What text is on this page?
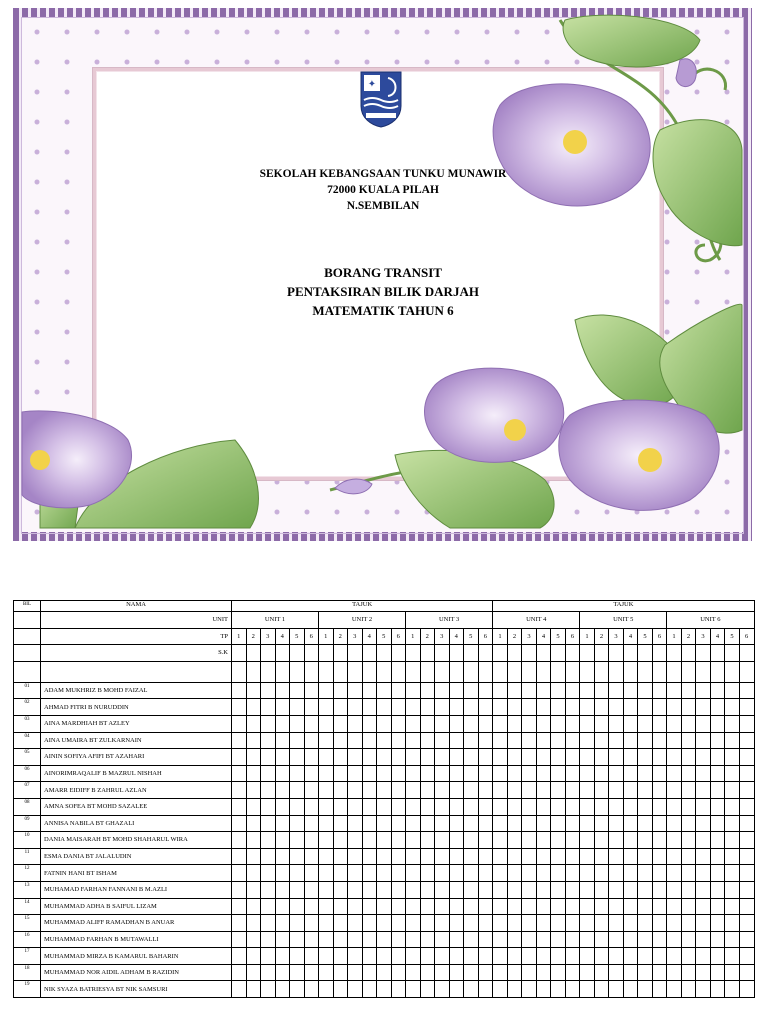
✦
SEKOLAH KEBANGSAAN TUNKU MUNAWIR
72000 KUALA PILAH
N.SEMBILAN
BORANG TRANSIT
PENTAKSIRAN BILIK DARJAH
MATEMATIK TAHUN 6
BIL	NAMA	TAJUK																		TAJUK																	
	UNIT	UNIT 1						UNIT 2						UNIT 3						UNIT 4						UNIT 5						UNIT 6					
	TP	1	2	3	4	5	6	1	2	3	4	5	6	1	2	3	4	5	6	1	2	3	4	5	6	1	2	3	4	5	6	1	2	3	4	5	6
	S.K																																				

01	ADAM MUKHRIZ B MOHD FAIZAL																																				
02	AHMAD FITRI B NURUDDIN																																				
03	AINA MARDHIAH BT AZLEY																																				
04	AINA UMAIRA BT ZULKARNAIN																																				
05	AININ SOFIYA AFIFI BT AZAHARI																																				
06	AINORIMRAQALIF B MAZRUL NISHAH																																				
07	AMARR EIDIFF B ZAHRUL AZLAN																																				
08	AMNA SOFEA BT MOHD SAZALEE																																				
09	ANNISA NABILA BT GHAZALI																																				
10	DANIA MAISARAH BT MOHD SHAHARUL WIRA																																				
11	ESMA DANIA BT JALALUDIN																																				
12	FATNIN HANI BT ISHAM																																				
13	MUHAMAD FARHAN FANNANI B M.AZLI																																				
14	MUHAMMAD ADHA B SAIFUL LIZAM																																				
15	MUHAMMAD ALIFF RAMADHAN B ANUAR																																				
16	MUHAMMAD FARHAN B MUTAWALLI																																				
17	MUHAMMAD MIRZA B KAMARUL BAHARIN																																				
18	MUHAMMAD NOR AIDIL ADHAM B RAZIDIN																																				
19	NIK SYAZA BATRIESYA BT NIK SAMSURI																																				
